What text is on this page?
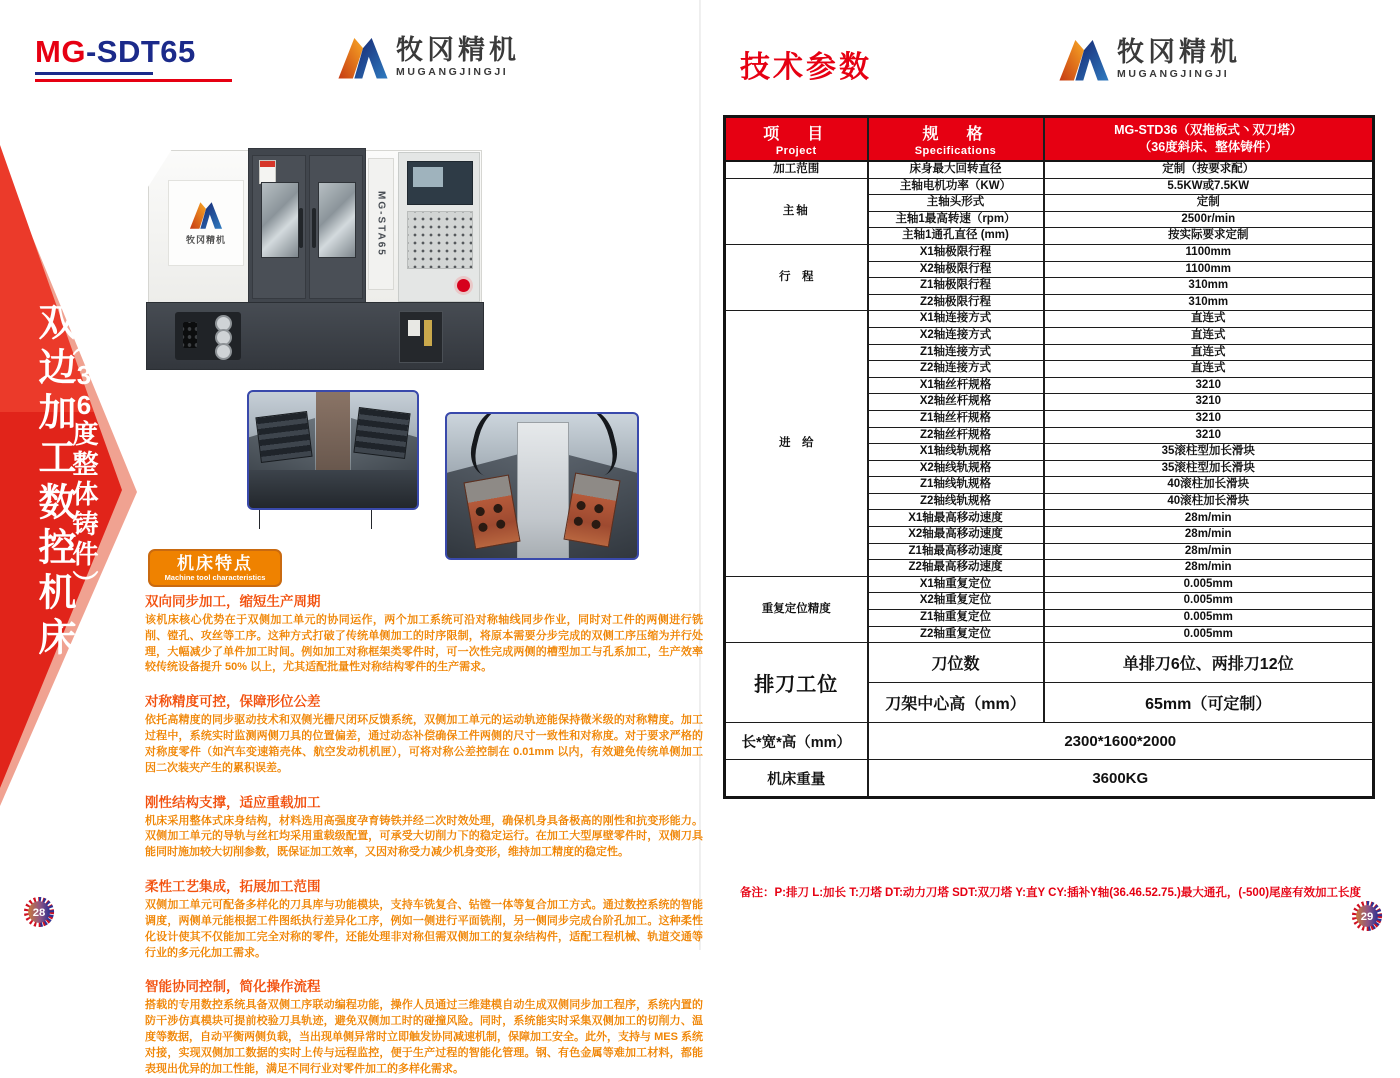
双边加工数控机床
（36度整体铸件）
MG-SDT65	牧冈精机
MUGANGJINGJI
牧冈精机	MG-STA65
机床特点
Machine tool characteristics
双向同步加工，缩短生产周期

该机床核心优势在于双侧加工单元的协同运作，两个加工系统可沿对称轴线同步作业，同时对工件的两侧进行铣削、镗孔、攻丝等工序。这种方式打破了传统单侧加工的时序限制，将原本需要分步完成的双侧工序压缩为并行处理，大幅减少了单件加工时间。例如加工对称框架类零件时，可一次性完成两侧的槽型加工与孔系加工，生产效率较传统设备提升 50% 以上，尤其适配批量性对称结构零件的生产需求。

对称精度可控，保障形位公差

依托高精度的同步驱动技术和双侧光栅尺闭环反馈系统，双侧加工单元的运动轨迹能保持微米级的对称精度。加工过程中，系统实时监测两侧刀具的位置偏差，通过动态补偿确保工件两侧的尺寸一致性和对称度。对于要求严格的对称度零件（如汽车变速箱壳体、航空发动机机匣），可将对称公差控制在 0.01mm 以内，有效避免传统单侧加工因二次装夹产生的累积误差。

刚性结构支撑，适应重载加工

机床采用整体式床身结构，材料选用高强度孕育铸铁并经二次时效处理，确保机身具备极高的刚性和抗变形能力。双侧加工单元的导轨与丝杠均采用重载级配置，可承受大切削力下的稳定运行。在加工大型厚壁零件时，双侧刀具能同时施加较大切削参数，既保证加工效率，又因对称受力减少机身变形，维持加工精度的稳定性。

柔性工艺集成，拓展加工范围

双侧加工单元可配备多样化的刀具库与功能模块，支持车铣复合、钻镗一体等复合加工方式。通过数控系统的智能调度，两侧单元能根据工件图纸执行差异化工序，例如一侧进行平面铣削，另一侧同步完成台阶孔加工。这种柔性化设计使其不仅能加工完全对称的零件，还能处理非对称但需双侧加工的复杂结构件，适配工程机械、轨道交通等行业的多元化加工需求。

智能协同控制，简化操作流程

搭载的专用数控系统具备双侧工序联动编程功能，操作人员通过三维建模自动生成双侧同步加工程序，系统内置的防干涉仿真模块可提前校验刀具轨迹，避免双侧加工时的碰撞风险。同时，系统能实时采集双侧加工的切削力、温度等数据，自动平衡两侧负载，当出现单侧异常时立即触发协同减速机制，保障加工安全。此外，支持与 MES 系统对接，实现双侧加工数据的实时上传与远程监控，便于生产过程的智能化管理。钢、有色金属等难加工材料，都能表现出优异的加工性能，满足不同行业对零件加工的多样化需求。

28
技术参数	牧冈精机
MUGANGJINGJI
项　目
Project

规　格
Specifications

MG-STD36（双拖板式丶双刀塔）
（36度斜床、整体铸件）

加工范围	床身最大回转直径	定制（按要求配）
主轴	主轴电机功率（KW）	5.5KW或7.5KW
	主轴头形式	定制
	主轴1最高转速（rpm）	2500r/min
	主轴1通孔直径 (mm)	按实际要求定制
行　程	X1轴极限行程	1100mm
	X2轴极限行程	1100mm
	Z1轴极限行程	310mm
	Z2轴极限行程	310mm
进　给	X1轴连接方式	直连式
	X2轴连接方式	直连式
	Z1轴连接方式	直连式
	Z2轴连接方式	直连式
	X1轴丝杆规格	3210
	X2轴丝杆规格	3210
	Z1轴丝杆规格	3210
	Z2轴丝杆规格	3210
	X1轴线轨规格	35滚柱型加长滑块
	X2轴线轨规格	35滚柱型加长滑块
	Z1轴线轨规格	40滚柱加长滑块
	Z2轴线轨规格	40滚柱加长滑块
	X1轴最高移动速度	28m/min
	X2轴最高移动速度	28m/min
	Z1轴最高移动速度	28m/min
	Z2轴最高移动速度	28m/min
重复定位精度	X1轴重复定位	0.005mm
	X2轴重复定位	0.005mm
	Z1轴重复定位	0.005mm
	Z2轴重复定位	0.005mm
排刀工位	刀位数	单排刀6位、两排刀12位
	刀架中心高（mm）	65mm（可定制）
长*宽*高（mm）	2300*1600*2000	
机床重量	3600KG	
备注：P:排刀 L:加长 T:刀塔 DT:动力刀塔 SDT:双刀塔 Y:直Y CY:插补Y轴(36.46.52.75.)最大通孔，(-500)尾座有效加工长度
29
